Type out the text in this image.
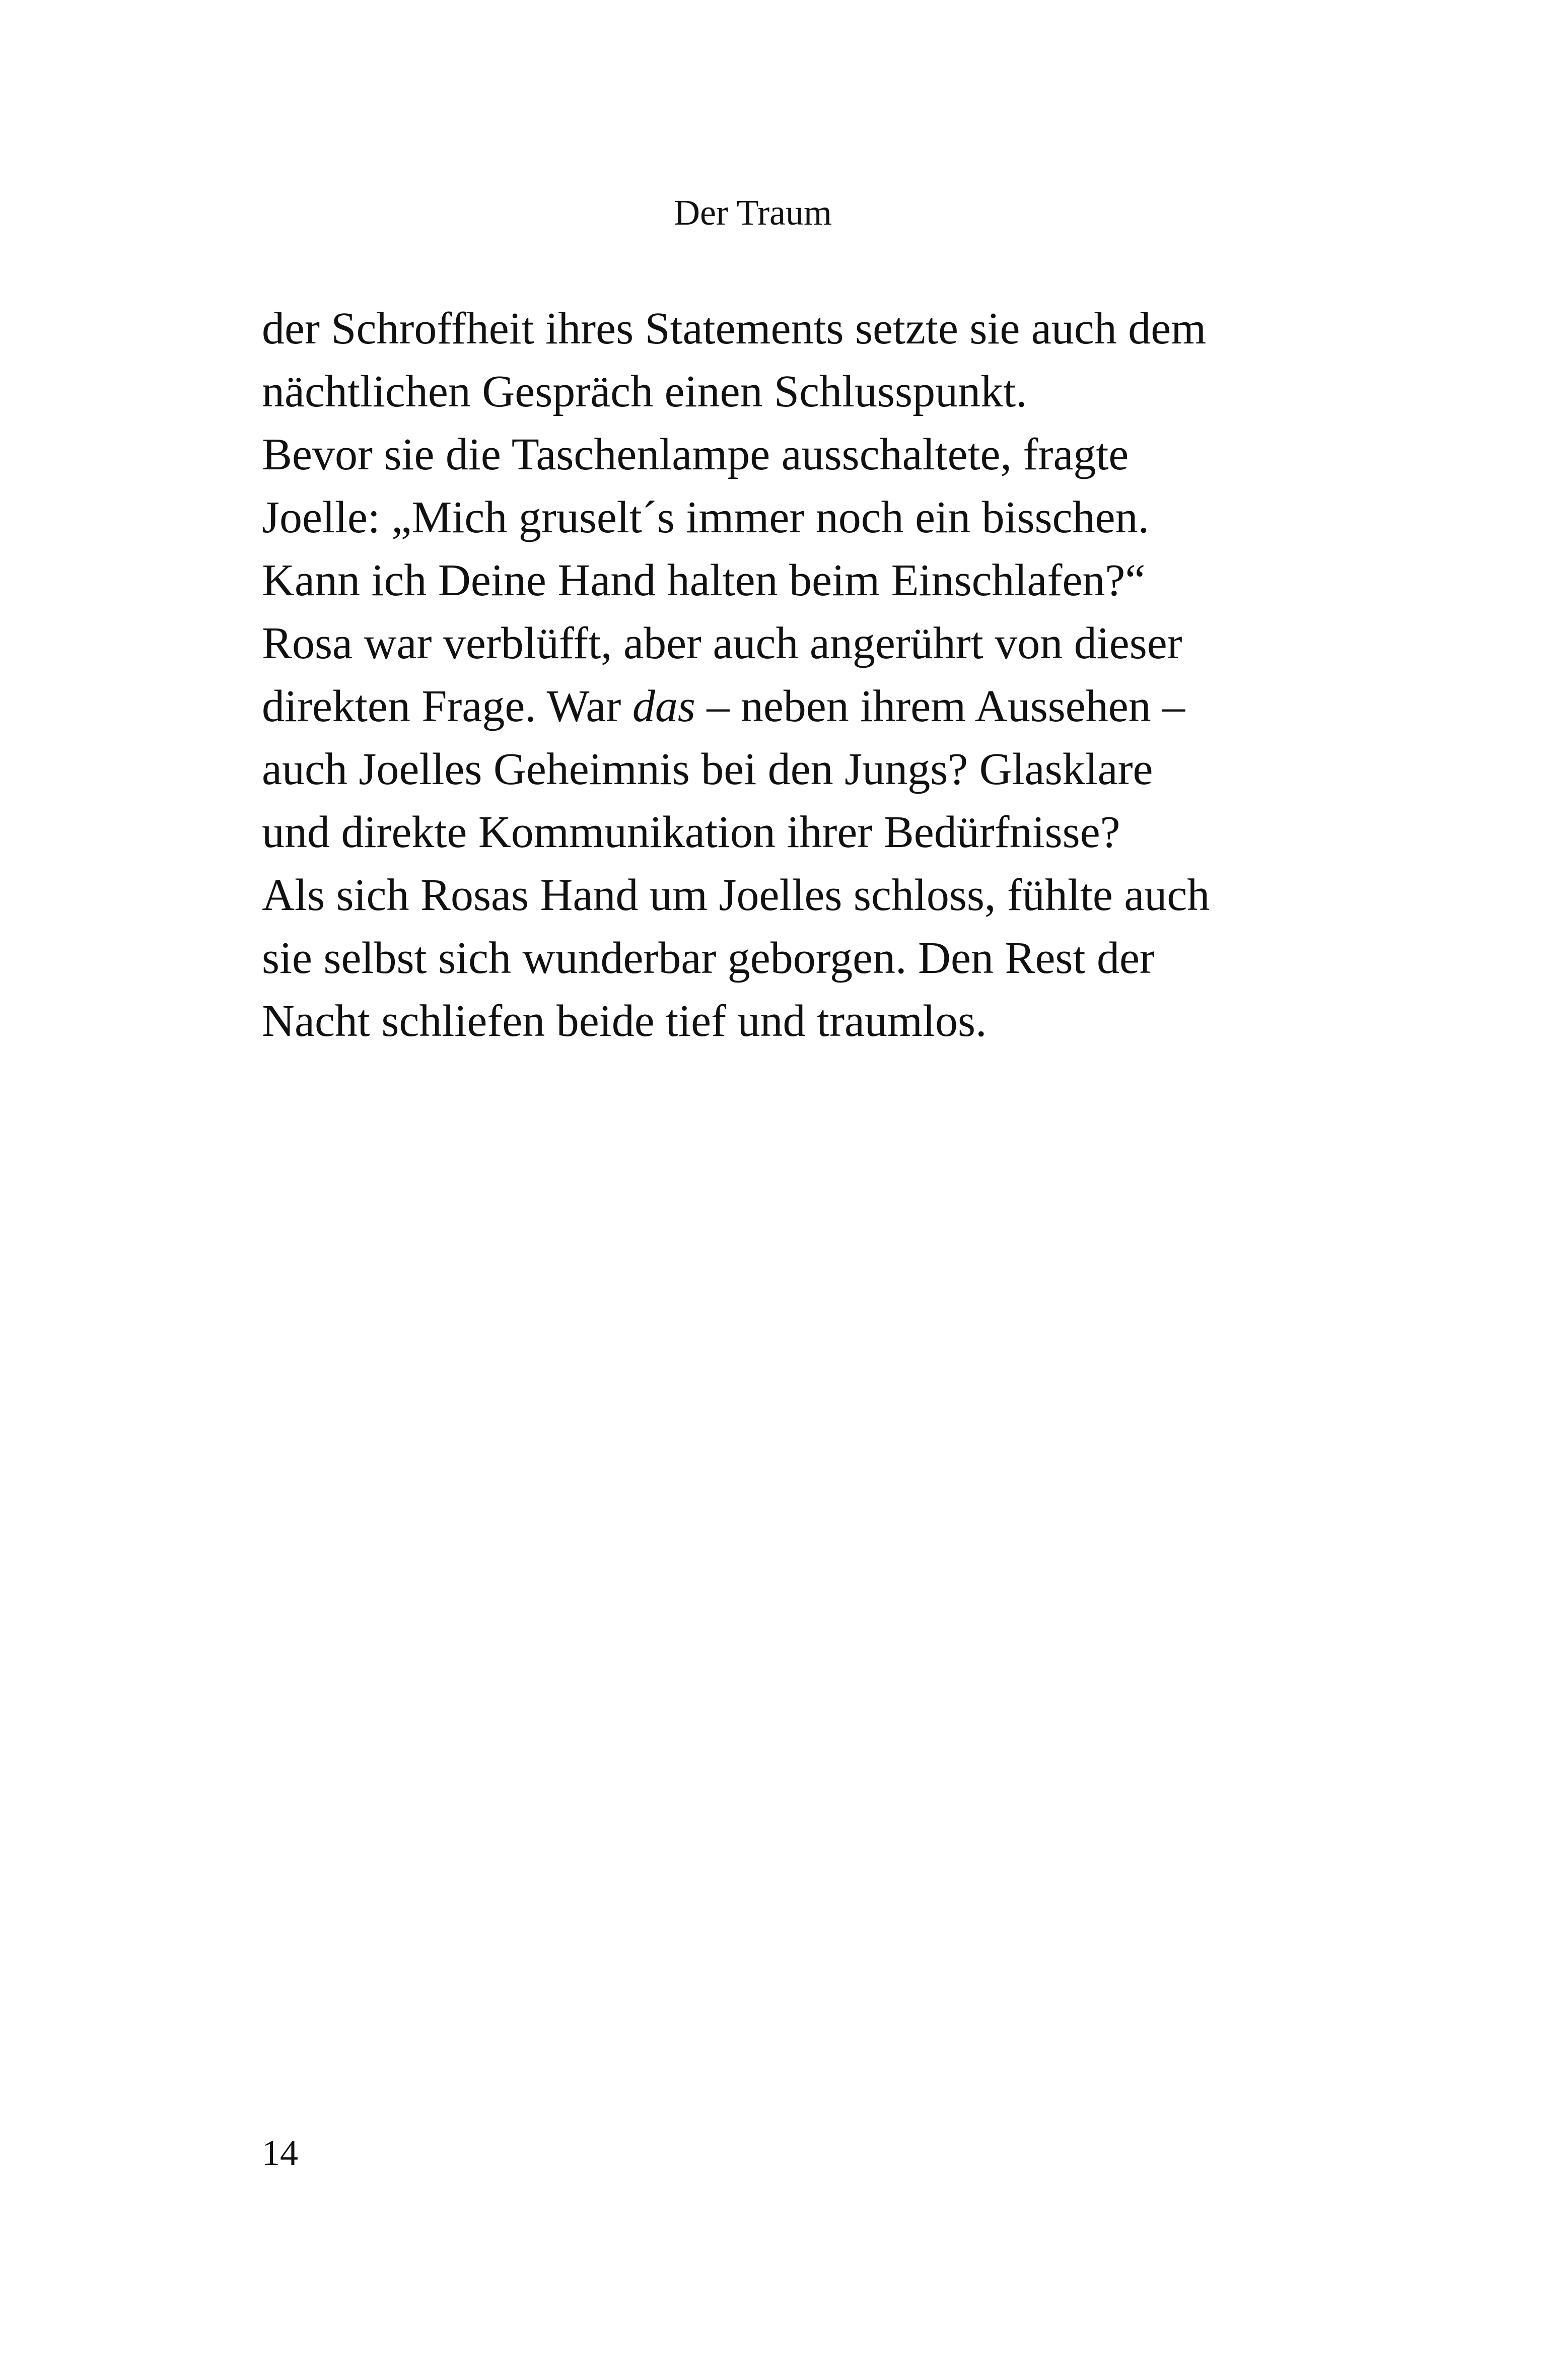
Der Traum
der Schroffheit ihres Statements setzte sie auch dem
nächtlichen Gespräch einen Schlusspunkt.
Bevor sie die Taschenlampe ausschaltete, fragte
Joelle: „Mich gruselt´s immer noch ein bisschen.
Kann ich Deine Hand halten beim Einschlafen?“
Rosa war verblüfft, aber auch angerührt von dieser
direkten Frage. War das – neben ihrem Aussehen –
auch Joelles Geheimnis bei den Jungs? Glasklare
und direkte Kommunikation ihrer Bedürfnisse?
Als sich Rosas Hand um Joelles schloss, fühlte auch
sie selbst sich wunderbar geborgen. Den Rest der
Nacht schliefen beide tief und traumlos.
14
